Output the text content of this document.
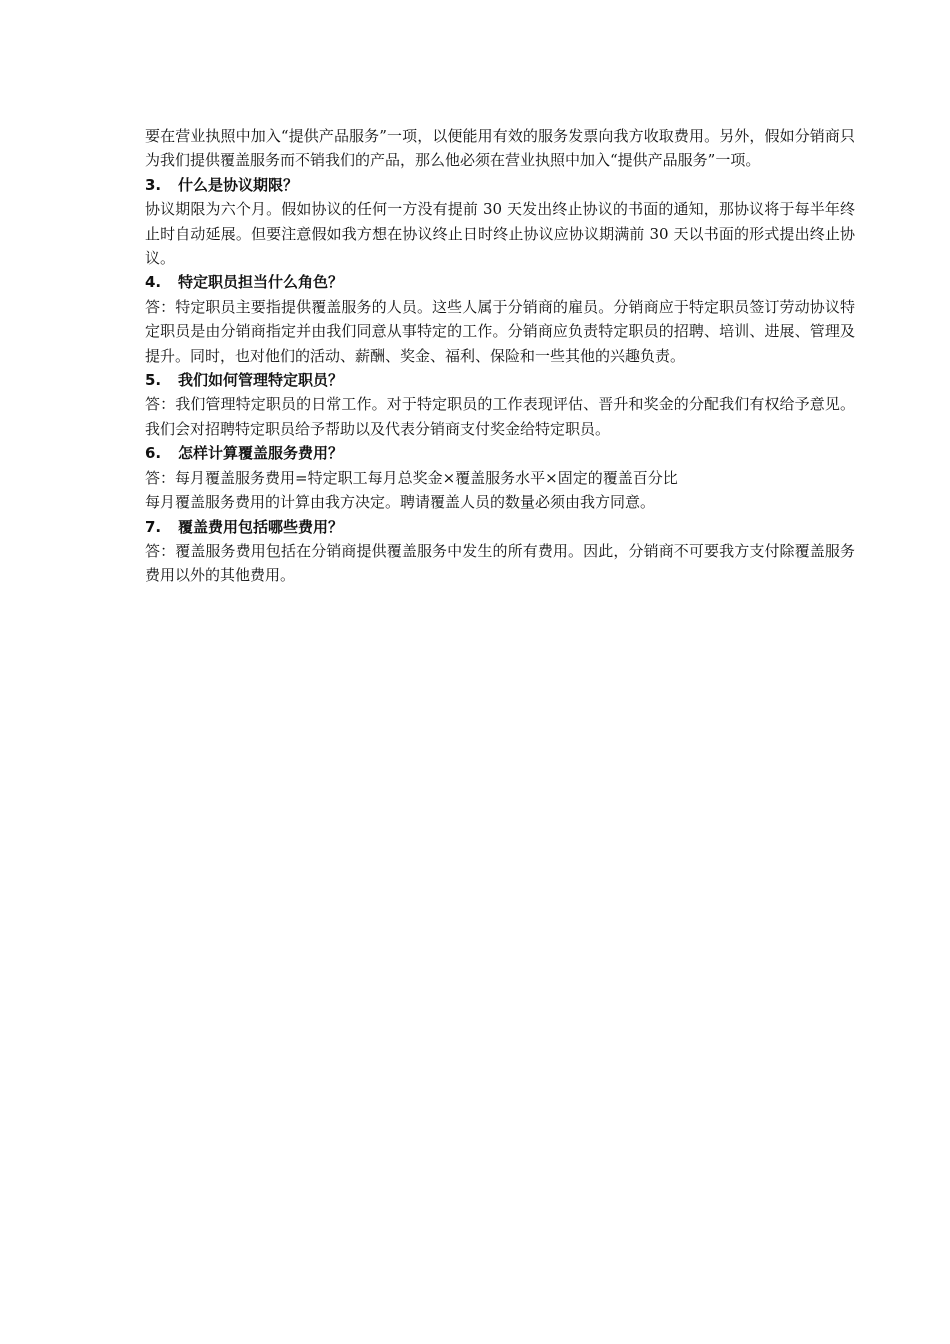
要在营业执照中加入“提供产品服务”一项，以便能用有效的服务发票向我方收取费用。另外，假如分销商只为我们提供覆盖服务而不销我们的产品，那么他必须在营业执照中加入“提供产品服务”一项。

3. 什么是协议期限？

协议期限为六个月。假如协议的任何一方没有提前 30 天发出终止协议的书面的通知，那协议将于每半年终止时自动延展。但要注意假如我方想在协议终止日时终止协议应协议期满前 30 天以书面的形式提出终止协议。

4. 特定职员担当什么角色？

答：特定职员主要指提供覆盖服务的人员。这些人属于分销商的雇员。分销商应于特定职员签订劳动协议特定职员是由分销商指定并由我们同意从事特定的工作。分销商应负责特定职员的招聘、培训、进展、管理及提升。同时，也对他们的活动、薪酬、奖金、福利、保险和一些其他的兴趣负责。

5. 我们如何管理特定职员？

答：我们管理特定职员的日常工作。对于特定职员的工作表现评估、晋升和奖金的分配我们有权给予意见。我们会对招聘特定职员给予帮助以及代表分销商支付奖金给特定职员。

6. 怎样计算覆盖服务费用？

答：每月覆盖服务费用=特定职工每月总奖金×覆盖服务水平×固定的覆盖百分比

每月覆盖服务费用的计算由我方决定。聘请覆盖人员的数量必须由我方同意。

7. 覆盖费用包括哪些费用？

答：覆盖服务费用包括在分销商提供覆盖服务中发生的所有费用。因此，分销商不可要我方支付除覆盖服务费用以外的其他费用。
